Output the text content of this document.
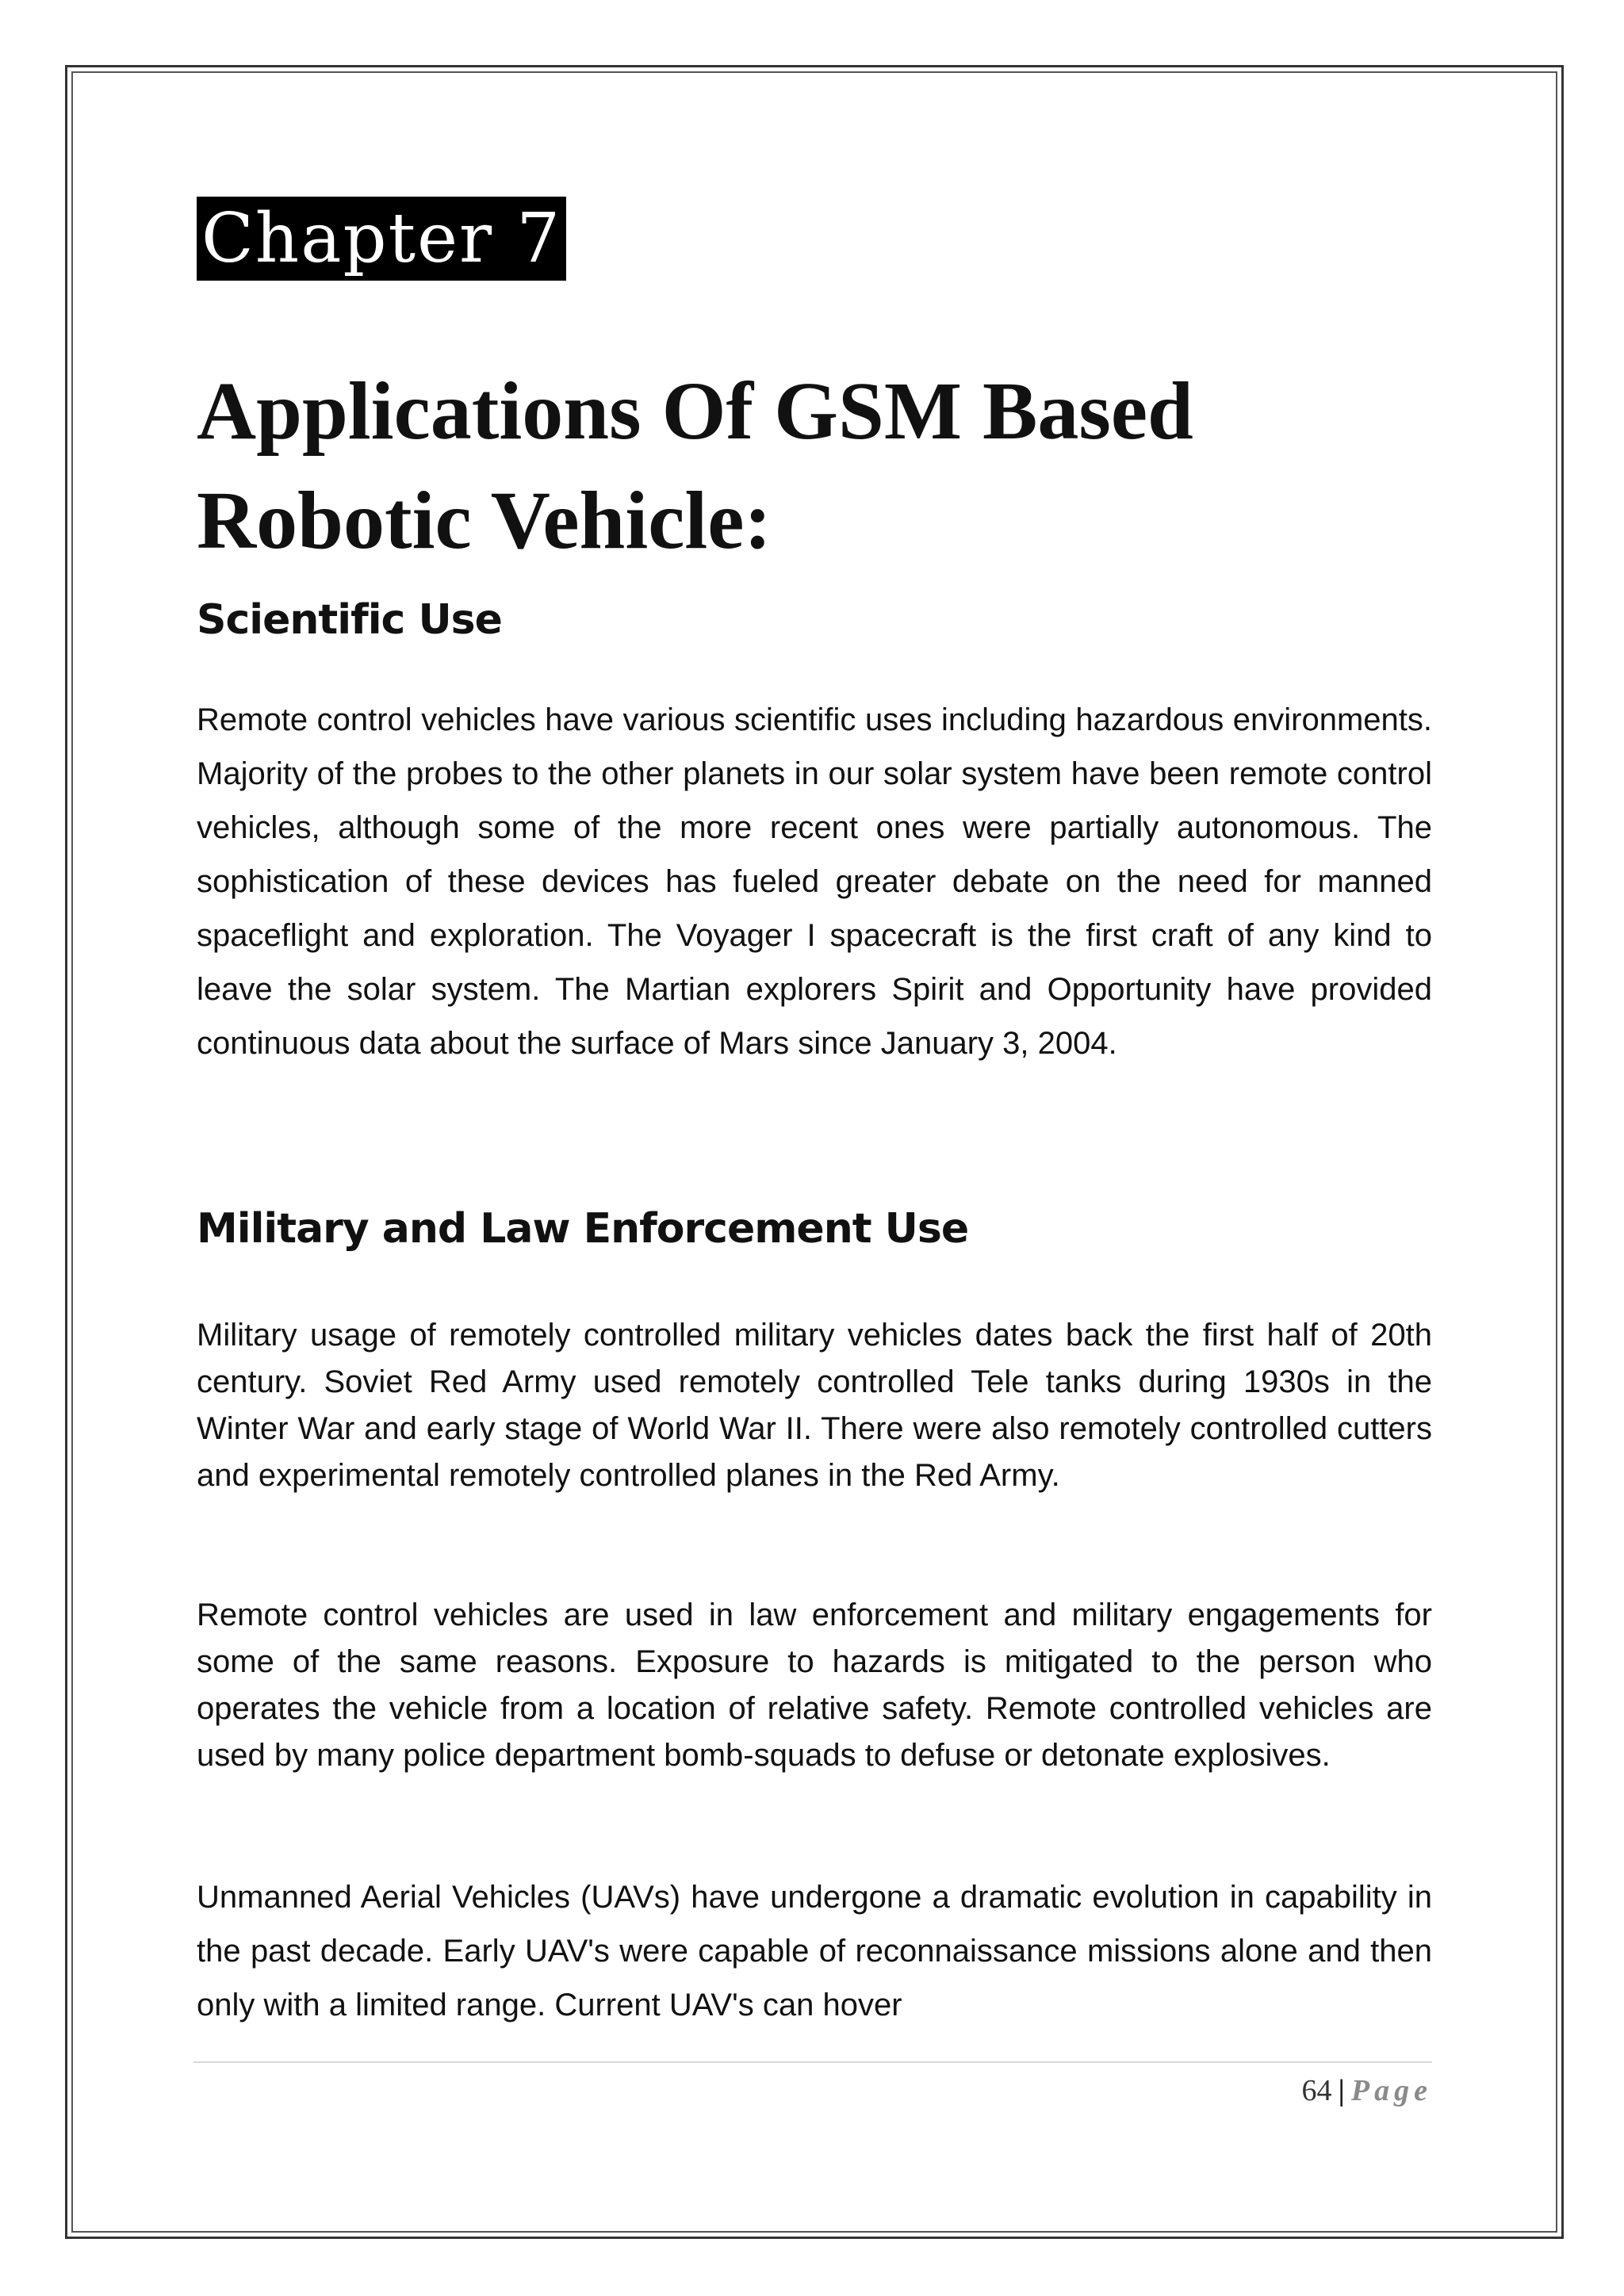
Chapter 7
Applications Of GSM Based
Robotic Vehicle:
Scientific Use

Remote control vehicles have various scientific uses including hazardous environments. Majority of the probes to the other planets in our solar system have been remote control vehicles, although some of the more recent ones were partially autonomous. The sophistication of these devices has fueled greater debate on the need for manned spaceflight and exploration. The Voyager I spacecraft is the first craft of any kind to leave the solar system. The Martian explorers Spirit and Opportunity have provided continuous data about the surface of Mars since January 3, 2004.

Military and Law Enforcement Use

Military usage of remotely controlled military vehicles dates back the first half of 20th century. Soviet Red Army used remotely controlled Tele tanks during 1930s in the Winter War and early stage of World War II. There were also remotely controlled cutters and experimental remotely controlled planes in the Red Army.

Remote control vehicles are used in law enforcement and military engagements for some of the same reasons. Exposure to hazards is mitigated to the person who operates the vehicle from a location of relative safety. Remote controlled vehicles are used by many police department bomb-squads to defuse or detonate explosives.

Unmanned Aerial Vehicles (UAVs) have undergone a dramatic evolution in capability in the past decade. Early UAV's were capable of reconnaissance missions alone and then only with a limited range. Current UAV's can hover

64 | Page
